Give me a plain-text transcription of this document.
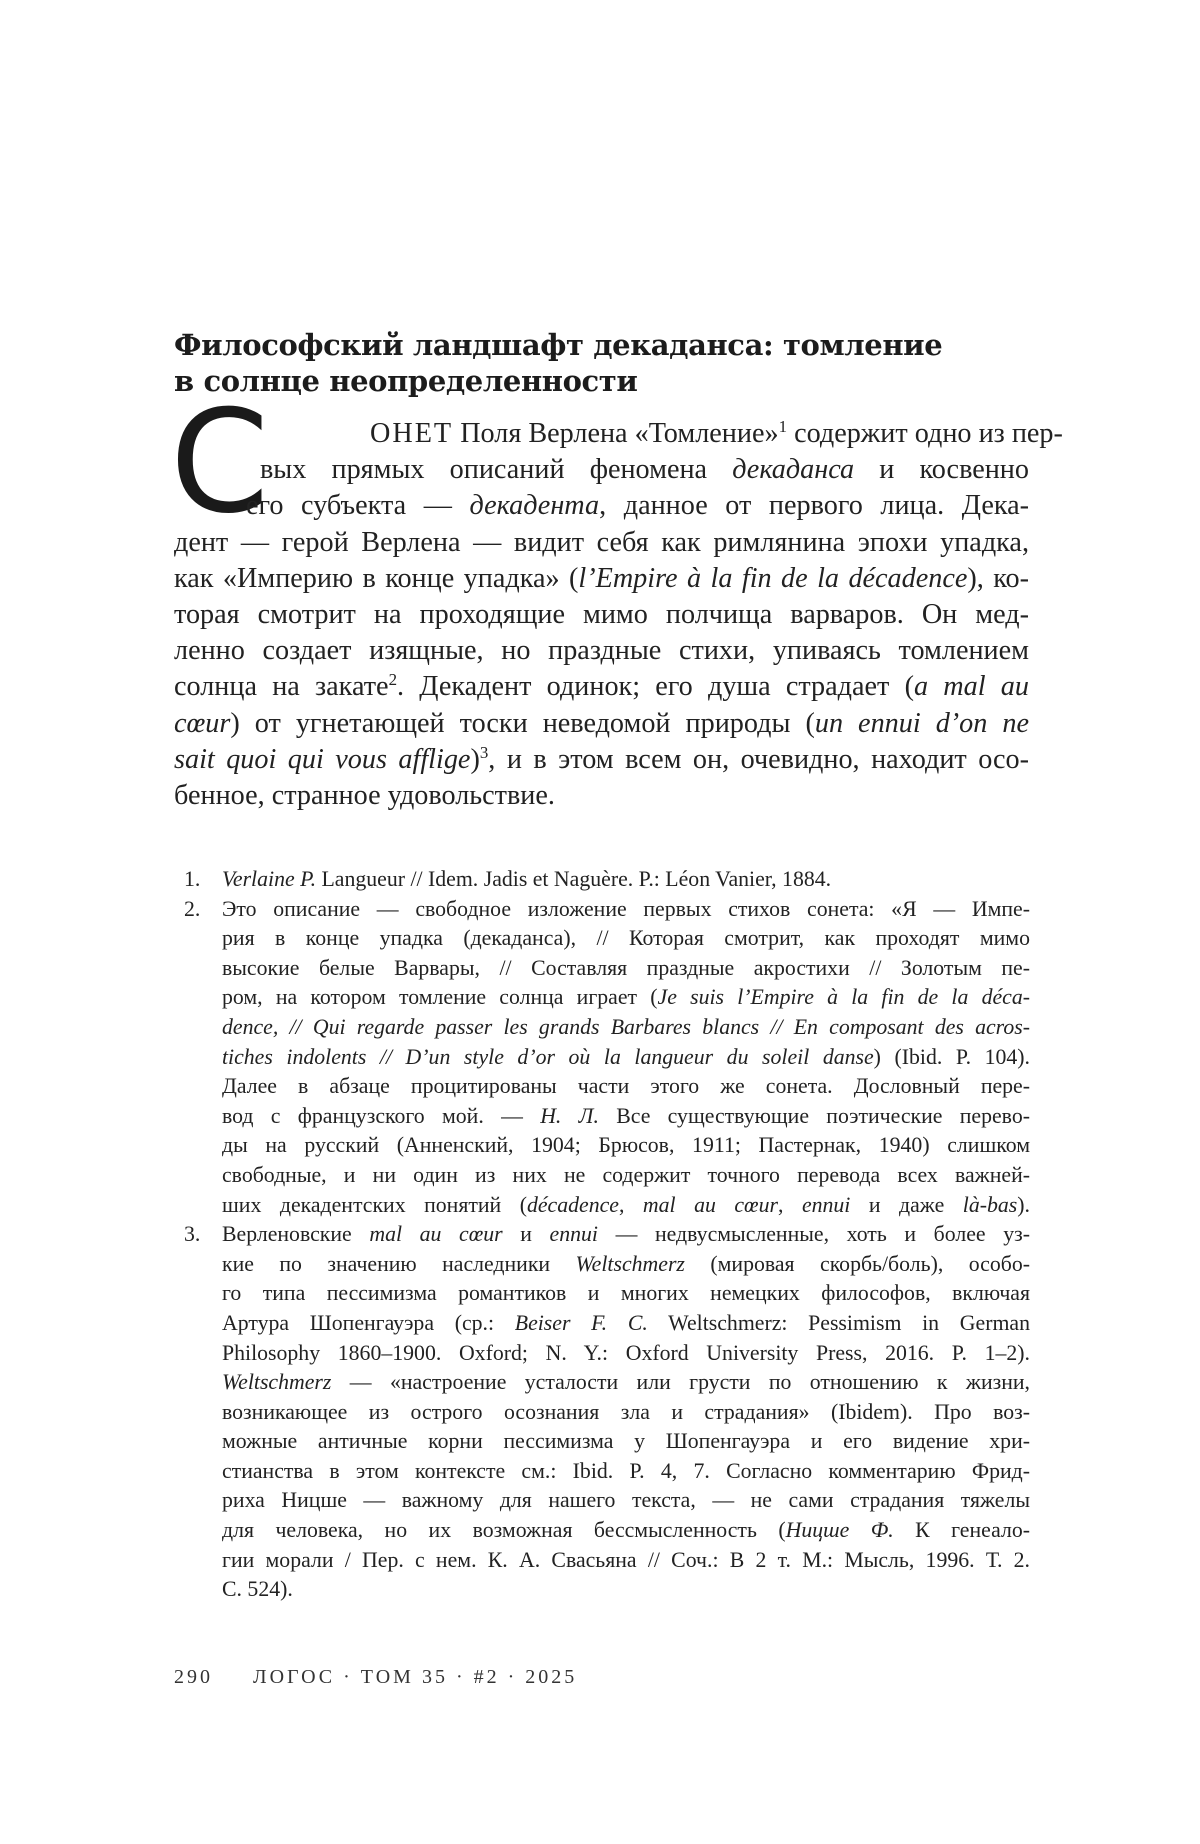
Философский ландшафт декаданса: томление
в солнце неопределенности
С	ОНЕТ Поля Верлена «Томление»$^1$ содержит одно из пер-
вых прямых описаний феномена декаданса и косвенно
его субъекта — декадента, данное от первого лица. Дека-
дент — герой Верлена — видит себя как римлянина эпохи упадка,
как «Империю в конце упадка» (l’Empire à la fin de la décadence), ко-
торая смотрит на проходящие мимо полчища варваров. Он мед-
ленно создает изящные, но праздные стихи, упиваясь томлением
солнца на закате$^2$. Декадент одинок; его душа страдает (a mal au
cœur) от угнетающей тоски неведомой природы (un ennui d’on ne
sait quoi qui vous afflige)$^3$, и в этом всем он, очевидно, находит осо-
бенное, странное удовольствие.
1. Verlaine P. Langueur // Idem. Jadis et Naguère. P.: Léon Vanier, 1884.
2. Это описание — свободное изложение первых стихов сонета: «Я — Импе-
рия в конце упадка (декаданса), // Которая смотрит, как проходят мимо
высокие белые Варвары, // Составляя праздные акростихи // Золотым пе-
ром, на котором томление солнца играет (Je suis l’Empire à la fin de la déca-
dence, // Qui regarde passer les grands Barbares blancs // En composant des acros-
tiches indolents // D’un style d’or où la langueur du soleil danse) (Ibid. P. 104).
Далее в абзаце процитированы части этого же сонета. Дословный пере-
вод с французского мой. — Н. Л. Все существующие поэтические перево-
ды на русский (Анненский, 1904; Брюсов, 1911; Пастернак, 1940) слишком
свободные, и ни один из них не содержит точного перевода всех важней-
ших декадентских понятий (décadence, mal au cœur, ennui и даже là-bas).
3. Верленовские mal au cœur и ennui — недвусмысленные, хоть и более уз-
кие по значению наследники Weltschmerz (мировая скорбь/боль), особо-
го типа пессимизма романтиков и многих немецких философов, включая
Артура Шопенгауэра (ср.: Beiser F. C. Weltschmerz: Pessimism in German
Philosophy 1860–1900. Oxford; N. Y.: Oxford University Press, 2016. P. 1–2).
Weltschmerz — «настроение усталости или грусти по отношению к жизни,
возникающее из острого осознания зла и страдания» (Ibidem). Про воз-
можные античные корни пессимизма у Шопенгауэра и его видение хри-
стианства в этом контексте см.: Ibid. P. 4, 7. Согласно комментарию Фрид-
риха Ницше — важному для нашего текста, — не сами страдания тяжелы
для человека, но их возможная бессмысленность (Ницше Ф. К генеало-
гии морали / Пер. с нем. К. А. Свасьяна // Соч.: В 2 т. М.: Мысль, 1996. Т. 2.
С. 524).
290 ЛОГОС · ТОМ 35 · #2 · 2025
